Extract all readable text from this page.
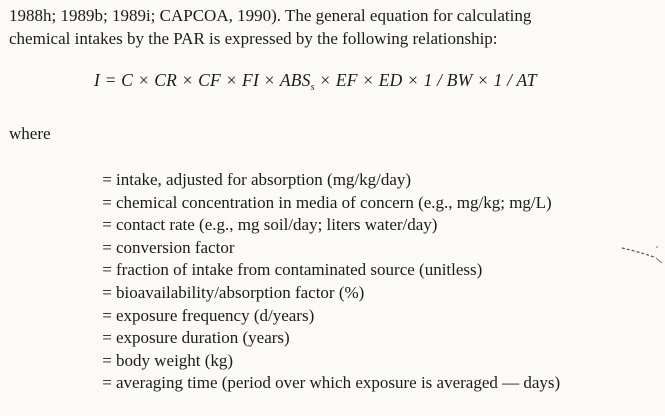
1988h; 1989b; 1989i; CAPCOA, 1990). The general equation for calculating
chemical intakes by the PAR is expressed by the following relationship:
I = C × CR × CF × FI × $ABS_s$ × EF × ED × 1 / BW × 1 / AT
where
= intake, adjusted for absorption (mg/kg/day)
= chemical concentration in media of concern (e.g., mg/kg; mg/L)
= contact rate (e.g., mg soil/day; liters water/day)
= conversion factor
= fraction of intake from contaminated source (unitless)
= bioavailability/absorption factor (%)
= exposure frequency (d/years)
= exposure duration (years)
= body weight (kg)
= averaging time (period over which exposure is averaged — days)
